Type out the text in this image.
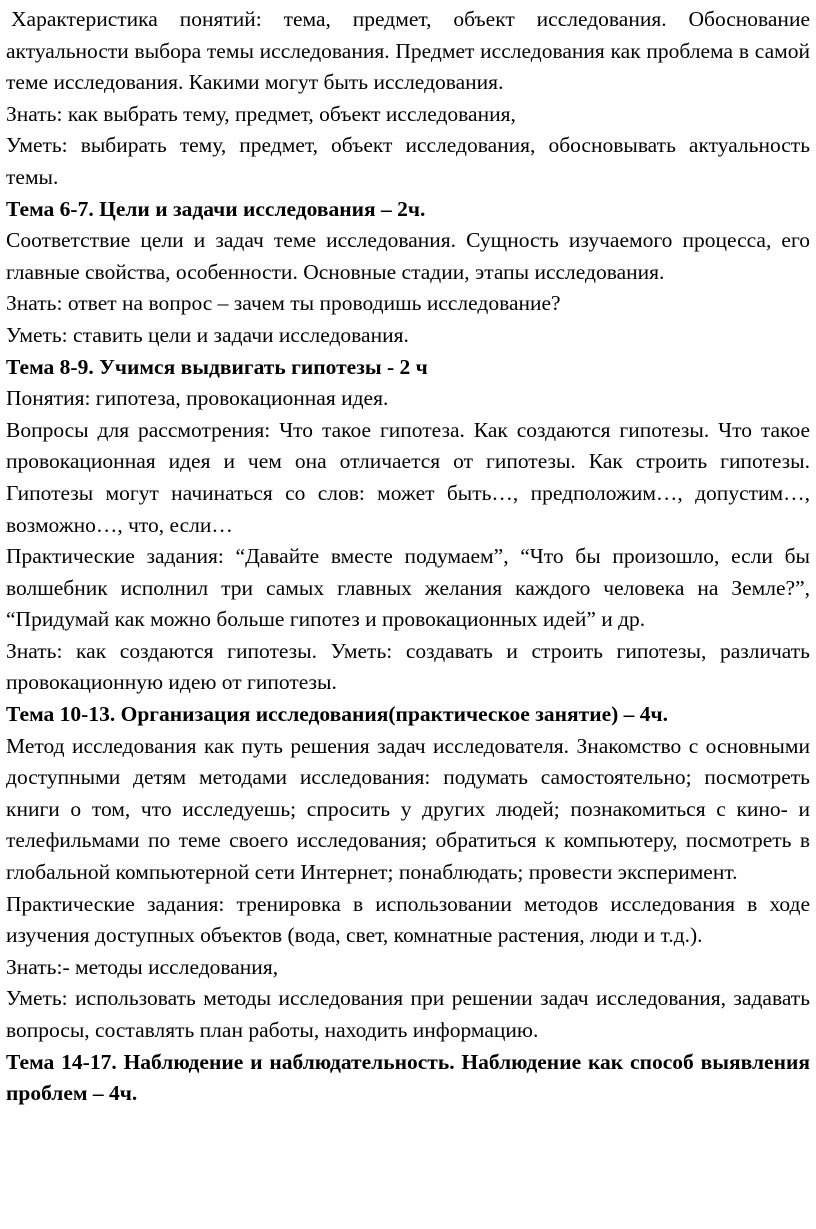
Характеристика понятий: тема, предмет, объект исследования. Обоснование актуальности выбора темы исследования. Предмет исследования как проблема в самой теме исследования. Какими могут быть исследования.

Знать: как выбрать тему, предмет, объект исследования,

Уметь: выбирать тему, предмет, объект исследования, обосновывать актуальность темы.

Тема 6-7. Цели и задачи исследования – 2ч.

Соответствие цели и задач теме исследования. Сущность изучаемого процесса, его главные свойства, особенности. Основные стадии, этапы исследования.

Знать: ответ на вопрос – зачем ты проводишь исследование?

Уметь: ставить цели и задачи исследования.

Тема 8-9. Учимся выдвигать гипотезы - 2 ч

Понятия: гипотеза, провокационная идея.

Вопросы для рассмотрения: Что такое гипотеза. Как создаются гипотезы. Что такое провокационная идея и чем она отличается от гипотезы. Как строить гипотезы. Гипотезы могут начинаться со слов: может быть…, предположим…, допустим…, возможно…, что, если…

Практические задания: “Давайте вместе подумаем”, “Что бы произошло, если бы волшебник исполнил три самых главных желания каждого человека на Земле?”, “Придумай как можно больше гипотез и провокационных идей” и др.

Знать: как создаются гипотезы. Уметь: создавать и строить гипотезы, различать провокационную идею от гипотезы.

Тема 10-13. Организация исследования(практическое занятие) – 4ч.

Метод исследования как путь решения задач исследователя. Знакомство с основными доступными детям методами исследования: подумать самостоятельно; посмотреть книги о том, что исследуешь; спросить у других людей; познакомиться с кино- и телефильмами по теме своего исследования; обратиться к компьютеру, посмотреть в глобальной компьютерной сети Интернет; понаблюдать; провести эксперимент.

Практические задания: тренировка в использовании методов исследования в ходе изучения доступных объектов (вода, свет, комнатные растения, люди и т.д.).

Знать:- методы исследования,

Уметь: использовать методы исследования при решении задач исследования, задавать вопросы, составлять план работы, находить информацию.

Тема 14-17. Наблюдение и наблюдательность. Наблюдение как способ выявления проблем – 4ч.
